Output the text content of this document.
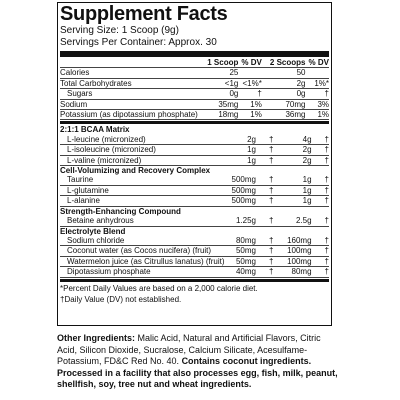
Supplement Facts
Serving Size: 1 Scoop (9g)
Servings Per Container: Approx. 30
	1 Scoop	% DV	2 Scoops	% DV
Calories	25		50	
Total Carbohydrates	<1g	<1%*	2g	1%*
Sugars	0g	†	0g	†
Sodium	35mg	1%	70mg	3%
Potassium (as dipotassium phosphate)	18mg	1%	36mg	1%
2:1:1 BCAA Matrix				
L-leucine (micronized)	2g	†	4g	†
L-isoleucine (micronized)	1g	†	2g	†
L-valine (micronized)	1g	†	2g	†
Cell-Volumizing and Recovery Complex				
Taurine	500mg	†	1g	†
L-glutamine	500mg	†	1g	†
L-alanine	500mg	†	1g	†
Strength-Enhancing Compound				
Betaine anhydrous	1.25g	†	2.5g	†
Electrolyte Blend				
Sodium chloride	80mg	†	160mg	†
Coconut water (as Cocos nucifera) (fruit)	50mg	†	100mg	†
Watermelon juice (as Citrullus lanatus) (fruit)	50mg	†	100mg	†
Dipotassium phosphate	40mg	†	80mg	†
*Percent Daily Values are based on a 2,000 calorie diet.
†Daily Value (DV) not established.
Other Ingredients: Malic Acid, Natural and Artificial Flavors, Citric Acid, Silicon Dioxide, Sucralose, Calcium Silicate, Acesulfame-Potassium, FD&C Red No. 40. Contains coconut ingredients. Processed in a facility that also processes egg, fish, milk, peanut, shellfish, soy, tree nut and wheat ingredients.
